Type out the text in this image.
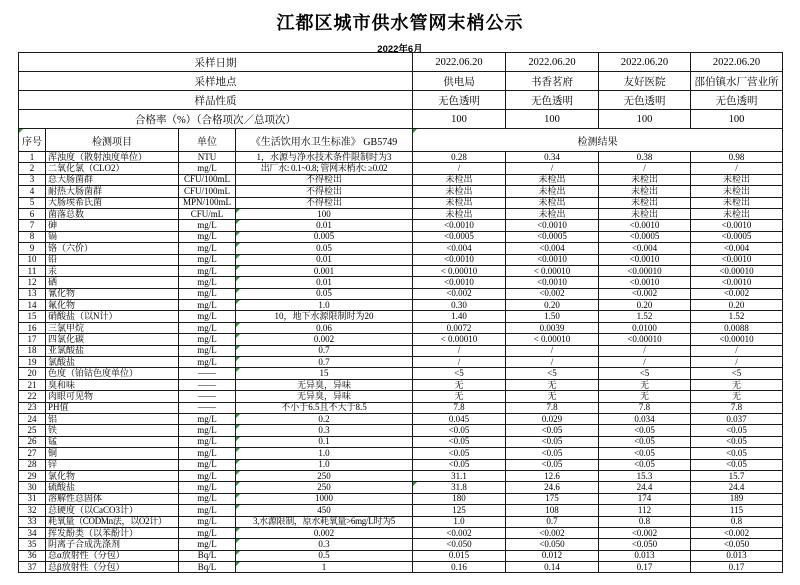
江都区城市供水管网末梢公示
2022年6月
采样日期				2022.06.20	2022.06.20	2022.06.20	2022.06.20
采样地点				供电局	书香茗府	友好医院	邵伯镇水厂营业所
样品性质				无色透明	无色透明	无色透明	无色透明
合格率（%）（合格项次／总项次）				100	100	100	100
序号	检测项目	单位	《生活饮用水卫生标准》 GB5749	检测结果			
1	浑浊度（散射浊度单位）	NTU	1，水源与净水技术条件限制时为3	0.28	0.34	0.38	0.98
2	二氧化氯（CLO2）	mg/L	出厂水: 0.1~0.8; 管网末梢水: ≥0.02	/	/	/	/
3	总大肠菌群	CFU/100mL	不得检出	未检出	未检出	未检出	未检出
4	耐热大肠菌群	CFU/100mL	不得检出	未检出	未检出	未检出	未检出
5	大肠埃希氏菌	MPN/100mL	不得检出	未检出	未检出	未检出	未检出
6	菌落总数	CFU/mL	100	未检出	未检出	未检出	未检出
7	砷	mg/L	0.01	<0.0010	<0.0010	<0.0010	<0.0010
8	镉	mg/L	0.005	<0.0005	<0.0005	<0.0005	<0.0005
9	铬（六价）	mg/L	0.05	<0.004	<0.004	<0.004	<0.004
10	铅	mg/L	0.01	<0.0010	<0.0010	<0.0010	<0.0010
11	汞	mg/L	0.001	< 0.00010	< 0.00010	<0.00010	<0.00010
12	硒	mg/L	0.01	<0.0010	<0.0010	<0.0010	<0.0010
13	氰化物	mg/L	0.05	<0.002	<0.002	<0.002	<0.002
14	氟化物	mg/L	1.0	0.30	0.20	0.20	0.20
15	硝酸盐（以N计）	mg/L	10，地下水源限制时为20	1.40	1.50	1.52	1.52
16	三氯甲烷	mg/L	0.06	0.0072	0.0039	0.0100	0.0088
17	四氯化碳	mg/L	0.002	< 0.00010	< 0.00010	<0.00010	<0.00010
18	亚氯酸盐	mg/L	0.7	/	/	/	/
19	氯酸盐	mg/L	0.7	/	/	/	/
20	色度（铂钴色度单位）	——	15	<5	<5	<5	<5
21	臭和味	——	无异臭，异味	无	无	无	无
22	肉眼可见物	——	无异臭，异味	无	无	无	无
23	PH值	——	不小于6.5且不大于8.5	7.8	7.8	7.8	7.8
24	铝	mg/L	0.2	0.045	0.029	0.034	0.037
25	铁	mg/L	0.3	<0.05	<0.05	<0.05	<0.05
26	锰	mg/L	0.1	<0.05	<0.05	<0.05	<0.05
27	铜	mg/L	1.0	<0.05	<0.05	<0.05	<0.05
28	锌	mg/L	1.0	<0.05	<0.05	<0.05	<0.05
29	氯化物	mg/L	250	31.1	12.6	15.3	15.7
30	硫酸盐	mg/L	250	31.8	24.6	24.4	24.4
31	溶解性总固体	mg/L	1000	180	175	174	189
32	总硬度（以CaCO3计）	mg/L	450	125	108	112	115
33	耗氧量（CODMn法，以O2计）	mg/L	3,水源限制，原水耗氧量>6mg/L时为5	1.0	0.7	0.8	0.8
34	挥发酚类（以苯酚计）	mg/L	0.002	<0.002	<0.002	<0.002	<0.002
35	阴离子合成洗涤剂	mg/L	0.3	<0.050	<0.050	<0.050	<0.050
36	总α放射性（分包）	Bq/L	0.5	0.015	0.012	0.013	0.013
37	总β放射性（分包）	Bq/L	1	0.16	0.14	0.17	0.17
